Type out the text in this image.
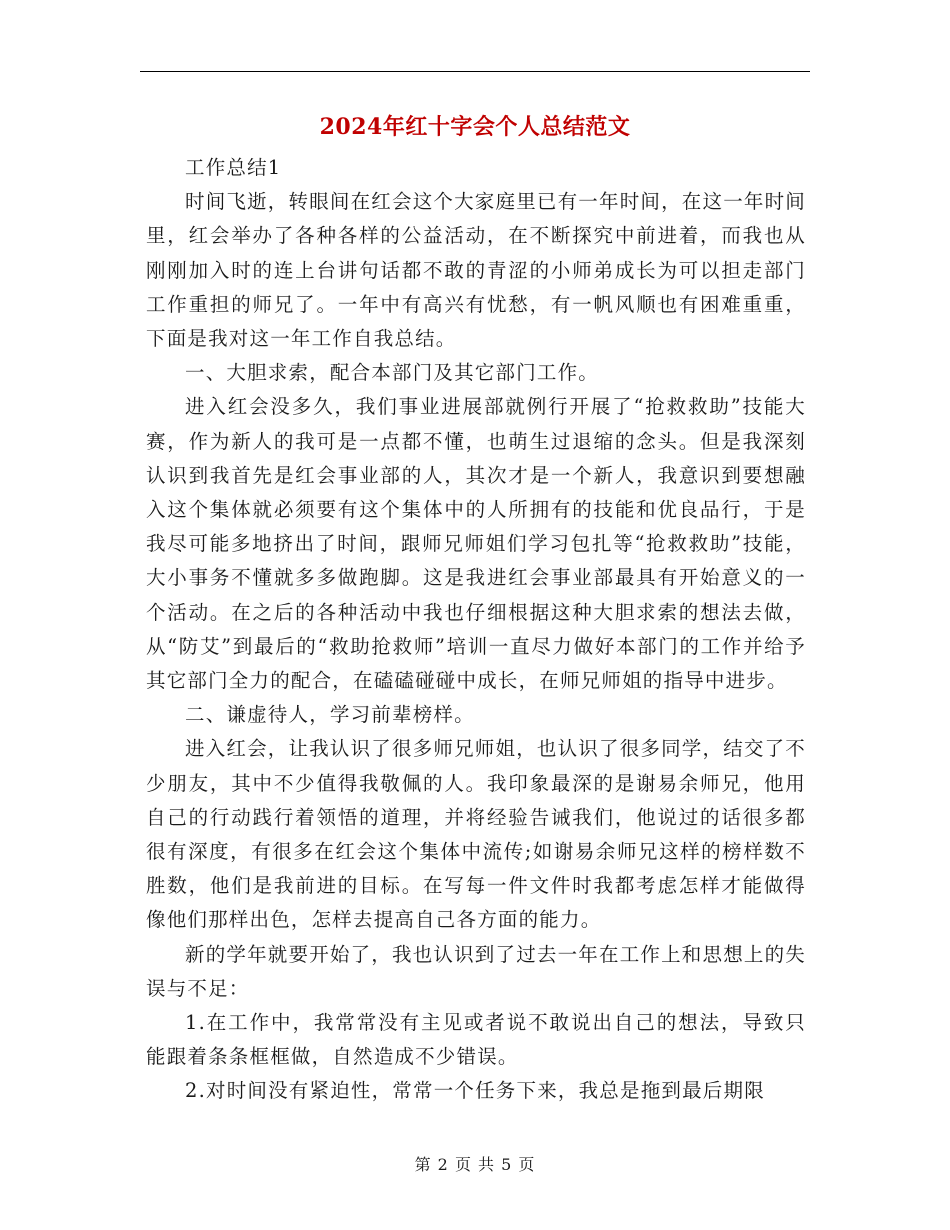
2024年红十字会个人总结范文

工作总结1

时间飞逝，转眼间在红会这个大家庭里已有一年时间，在这一年时间里，红会举办了各种各样的公益活动，在不断探究中前进着，而我也从刚刚加入时的连上台讲句话都不敢的青涩的小师弟成长为可以担走部门工作重担的师兄了。一年中有高兴有忧愁，有一帆风顺也有困难重重，下面是我对这一年工作自我总结。

一、大胆求索，配合本部门及其它部门工作。

进入红会没多久，我们事业进展部就例行开展了“抢救救助”技能大赛，作为新人的我可是一点都不懂，也萌生过退缩的念头。但是我深刻认识到我首先是红会事业部的人，其次才是一个新人，我意识到要想融入这个集体就必须要有这个集体中的人所拥有的技能和优良品行，于是我尽可能多地挤出了时间，跟师兄师姐们学习包扎等“抢救救助”技能，大小事务不懂就多多做跑脚。这是我进红会事业部最具有开始意义的一个活动。在之后的各种活动中我也仔细根据这种大胆求索的想法去做，从“防艾”到最后的“救助抢救师”培训一直尽力做好本部门的工作并给予其它部门全力的配合，在磕磕碰碰中成长，在师兄师姐的指导中进步。

二、谦虚待人，学习前辈榜样。

进入红会，让我认识了很多师兄师姐，也认识了很多同学，结交了不少朋友，其中不少值得我敬佩的人。我印象最深的是谢易余师兄，他用自己的行动践行着领悟的道理，并将经验告诫我们，他说过的话很多都很有深度，有很多在红会这个集体中流传;如谢易余师兄这样的榜样数不胜数，他们是我前进的目标。在写每一件文件时我都考虑怎样才能做得像他们那样出色，怎样去提高自己各方面的能力。

新的学年就要开始了，我也认识到了过去一年在工作上和思想上的失误与不足：

1.在工作中，我常常没有主见或者说不敢说出自己的想法，导致只能跟着条条框框做，自然造成不少错误。

2.对时间没有紧迫性，常常一个任务下来，我总是拖到最后期限

第 2 页 共 5 页
